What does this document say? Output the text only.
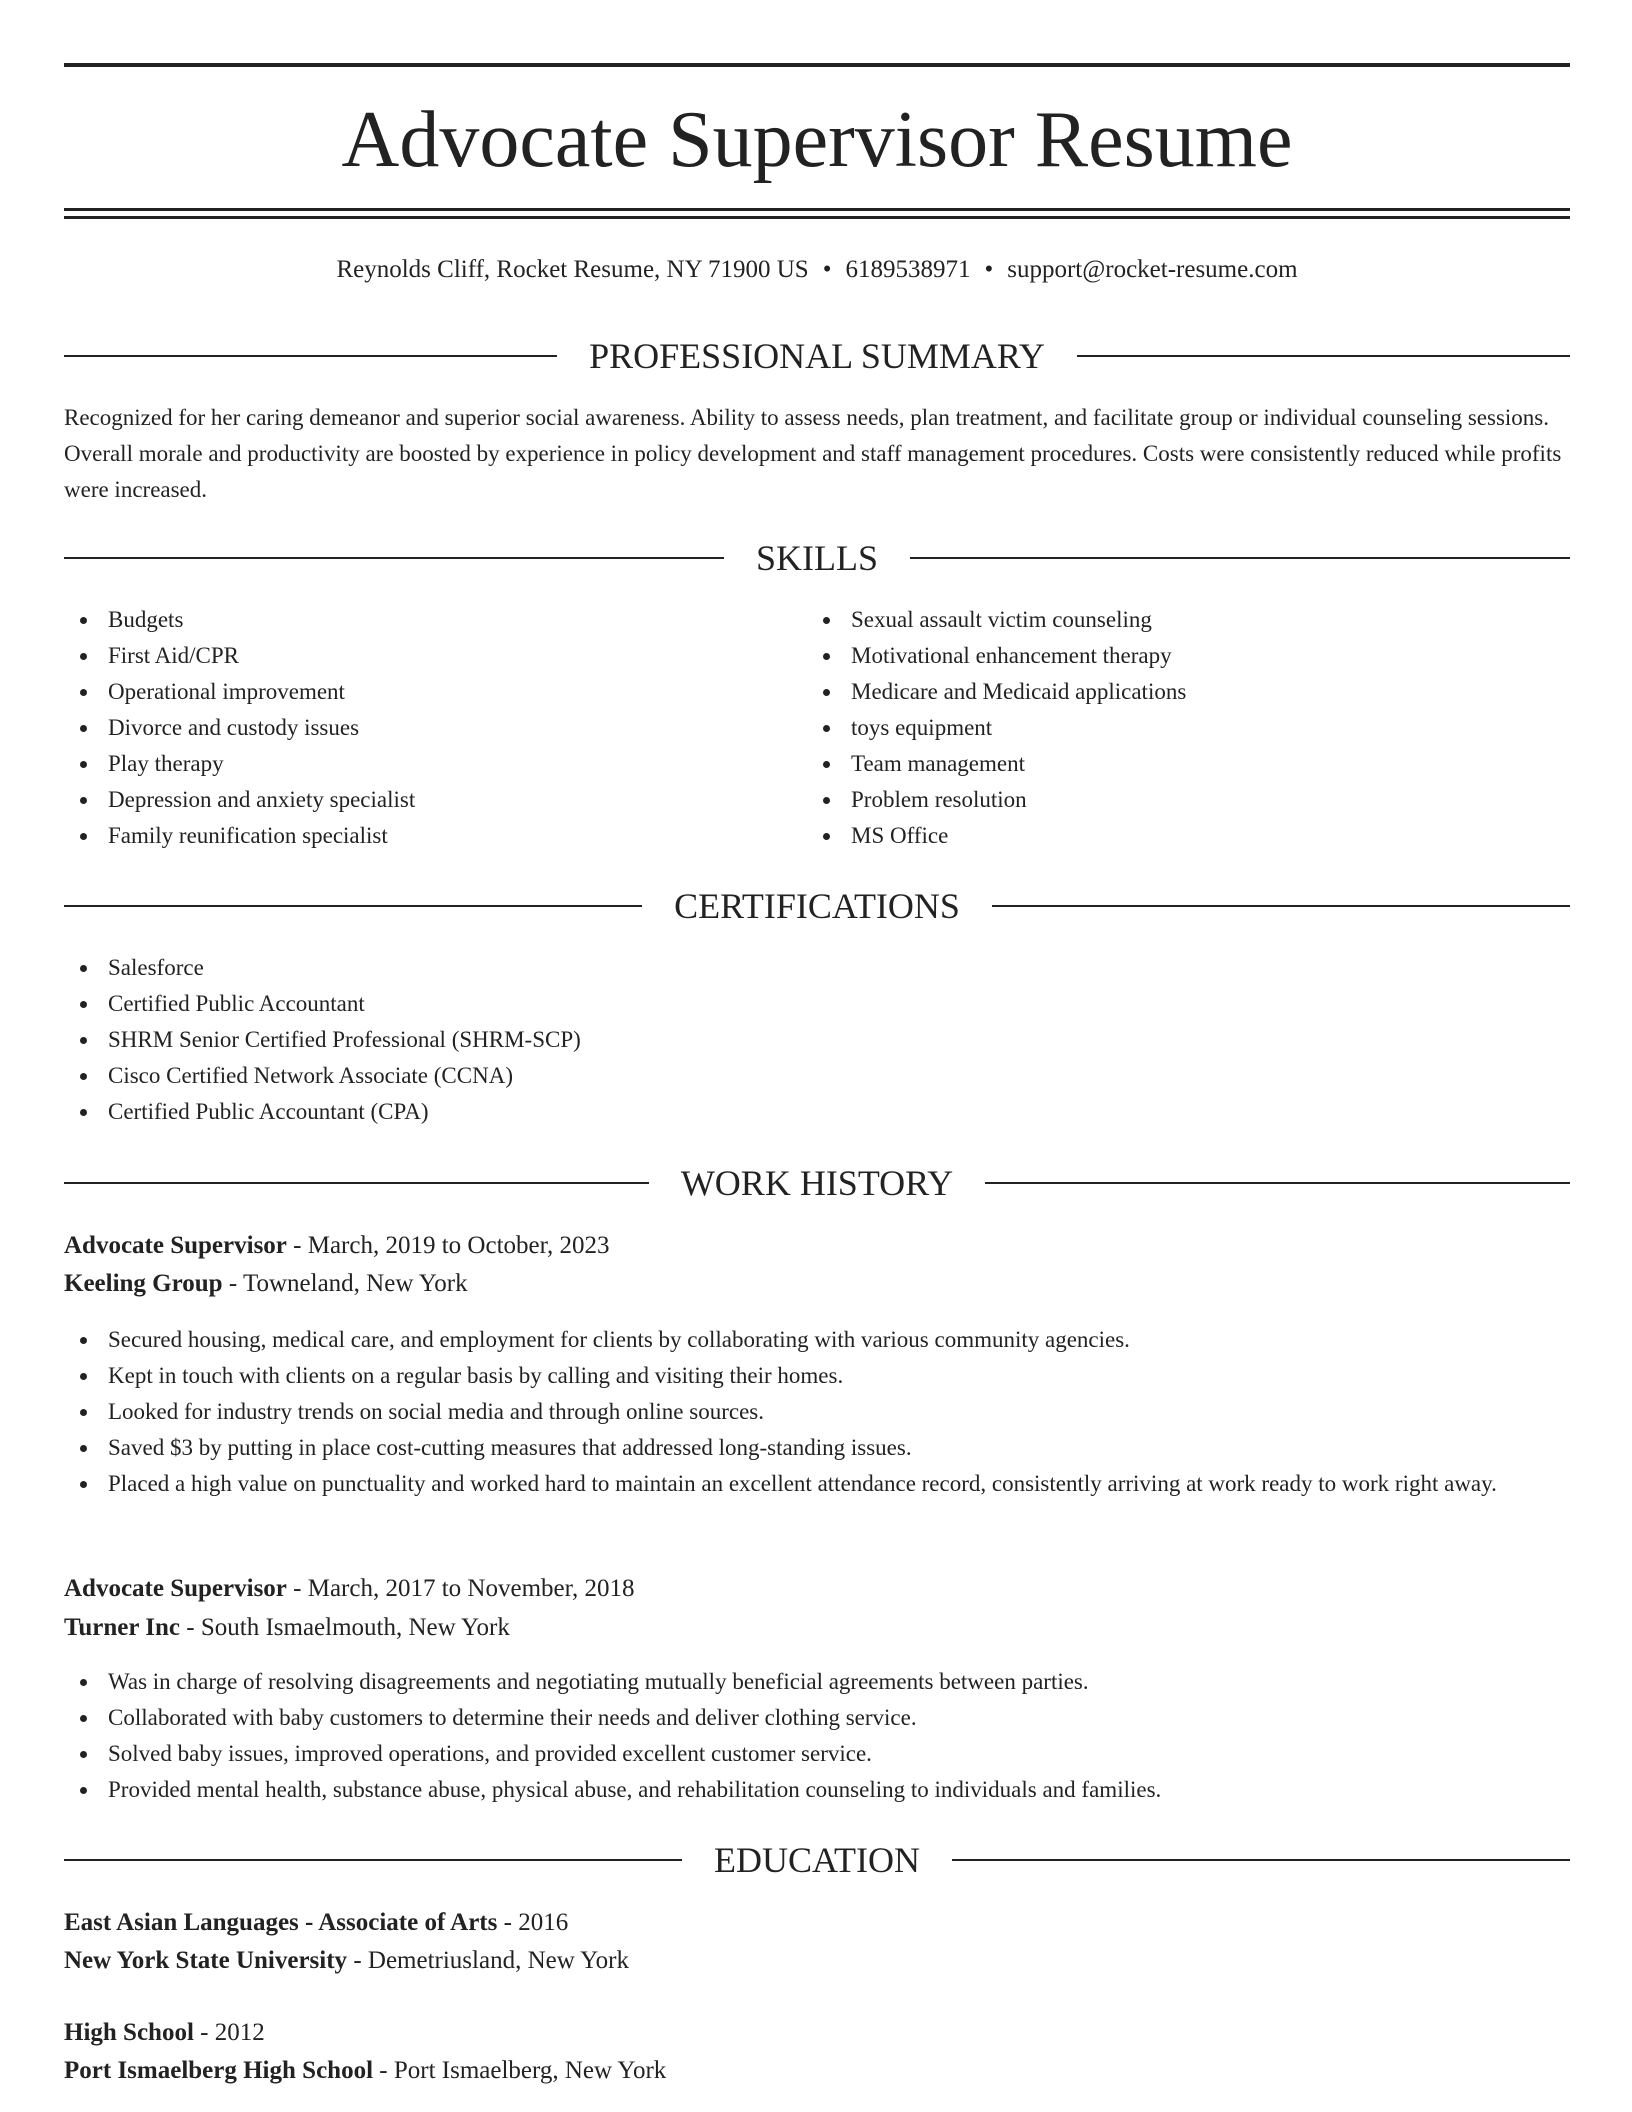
Advocate Supervisor Resume
Reynolds Cliff, Rocket Resume, NY 71900 US • 6189538971 • support@rocket-resume.com
PROFESSIONAL SUMMARY

Recognized for her caring demeanor and superior social awareness. Ability to assess needs, plan treatment, and facilitate group or individual counseling sessions. Overall morale and productivity are boosted by experience in policy development and staff management procedures. Costs were consistently reduced while profits were increased.

SKILLS
Budgets
First Aid/CPR
Operational improvement
Divorce and custody issues
Play therapy
Depression and anxiety specialist
Family reunification specialist
Sexual assault victim counseling
Motivational enhancement therapy
Medicare and Medicaid applications
toys equipment
Team management
Problem resolution
MS Office
CERTIFICATIONS
Salesforce
Certified Public Accountant
SHRM Senior Certified Professional (SHRM-SCP)
Cisco Certified Network Associate (CCNA)
Certified Public Accountant (CPA)
WORK HISTORY
Advocate Supervisor - March, 2019 to October, 2023
Keeling Group - Towneland, New York
Secured housing, medical care, and employment for clients by collaborating with various community agencies.
Kept in touch with clients on a regular basis by calling and visiting their homes.
Looked for industry trends on social media and through online sources.
Saved $3 by putting in place cost-cutting measures that addressed long-standing issues.
Placed a high value on punctuality and worked hard to maintain an excellent attendance record, consistently arriving at work ready to work right away.
Advocate Supervisor - March, 2017 to November, 2018
Turner Inc - South Ismaelmouth, New York
Was in charge of resolving disagreements and negotiating mutually beneficial agreements between parties.
Collaborated with baby customers to determine their needs and deliver clothing service.
Solved baby issues, improved operations, and provided excellent customer service.
Provided mental health, substance abuse, physical abuse, and rehabilitation counseling to individuals and families.
EDUCATION
East Asian Languages - Associate of Arts - 2016
New York State University - Demetriusland, New York
High School - 2012
Port Ismaelberg High School - Port Ismaelberg, New York
